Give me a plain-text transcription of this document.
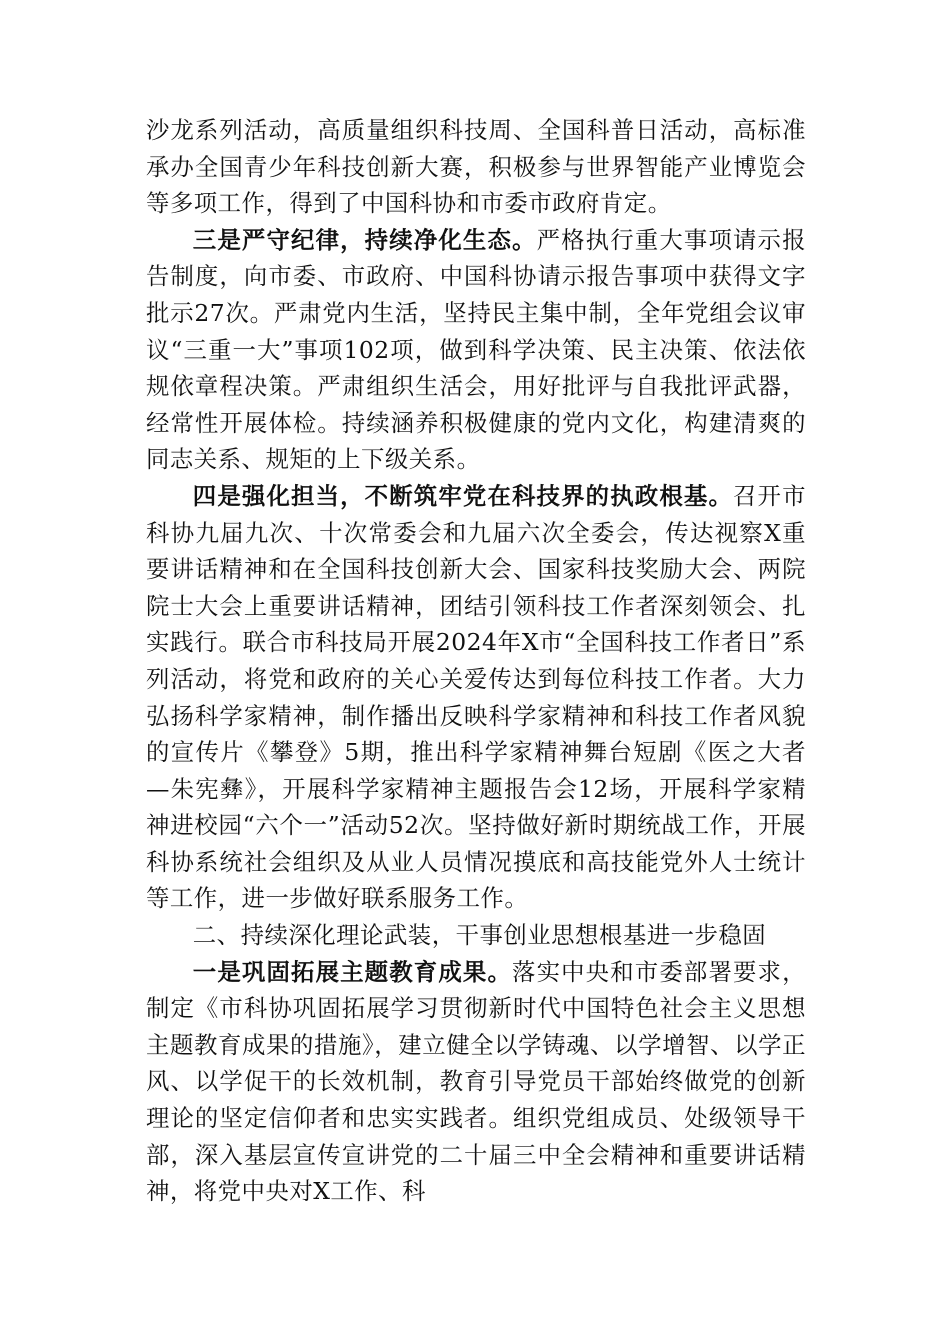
沙龙系列活动，高质量组织科技周、全国科普日活动，高标准承办全国青少年科技创新大赛，积极参与世界智能产业博览会等多项工作，得到了中国科协和市委市政府肯定。

三是严守纪律，持续净化生态。严格执行重大事项请示报告制度，向市委、市政府、中国科协请示报告事项中获得文字批示27次。严肃党内生活，坚持民主集中制，全年党组会议审议“三重一大”事项102项，做到科学决策、民主决策、依法依规依章程决策。严肃组织生活会，用好批评与自我批评武器，经常性开展体检。持续涵养积极健康的党内文化，构建清爽的同志关系、规矩的上下级关系。

四是强化担当，不断筑牢党在科技界的执政根基。召开市科协九届九次、十次常委会和九届六次全委会，传达视察X重要讲话精神和在全国科技创新大会、国家科技奖励大会、两院院士大会上重要讲话精神，团结引领科技工作者深刻领会、扎实践行。联合市科技局开展2024年X市“全国科技工作者日”系列活动，将党和政府的关心关爱传达到每位科技工作者。大力弘扬科学家精神，制作播出反映科学家精神和科技工作者风貌的宣传片《攀登》5期，推出科学家精神舞台短剧《医之大者—朱宪彝》，开展科学家精神主题报告会12场，开展科学家精神进校园“六个一”活动52次。坚持做好新时期统战工作，开展科协系统社会组织及从业人员情况摸底和高技能党外人士统计等工作，进一步做好联系服务工作。

二、持续深化理论武装，干事创业思想根基进一步稳固

一是巩固拓展主题教育成果。落实中央和市委部署要求，制定《市科协巩固拓展学习贯彻新时代中国特色社会主义思想主题教育成果的措施》，建立健全以学铸魂、以学增智、以学正风、以学促干的长效机制，教育引导党员干部始终做党的创新理论的坚定信仰者和忠实实践者。组织党组成员、处级领导干部，深入基层宣传宣讲党的二十届三中全会精神和重要讲话精神，将党中央对X工作、科
